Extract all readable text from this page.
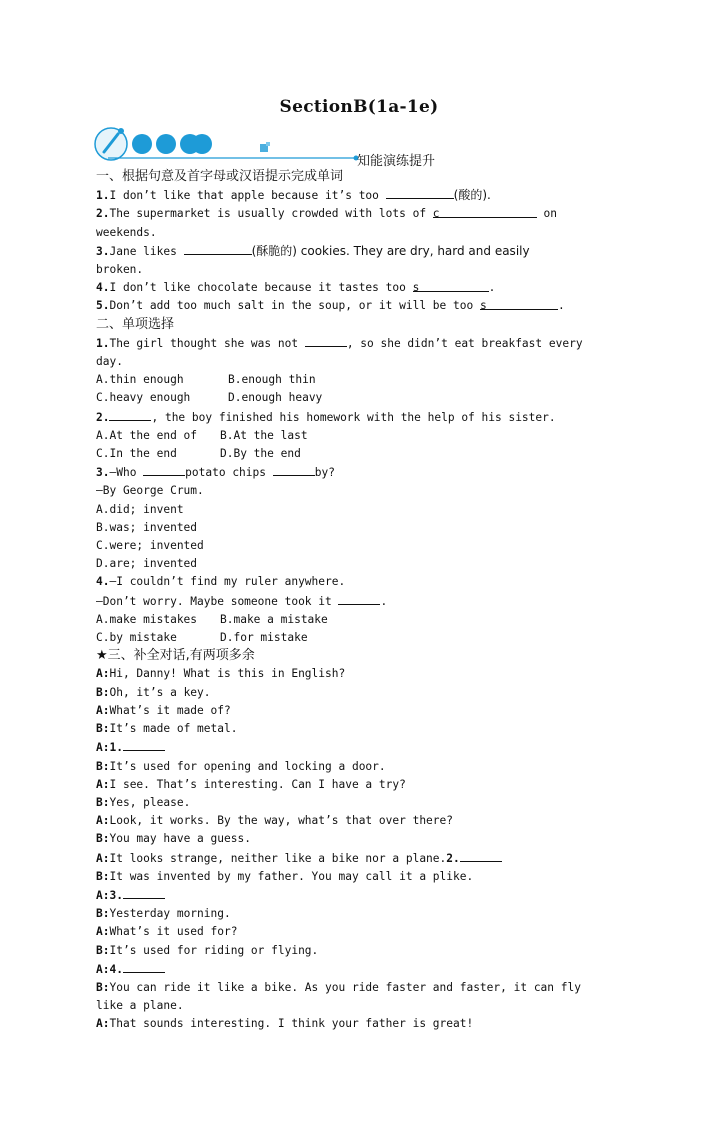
SectionB(1a-1e)
知能演练提升
一、根据句意及首字母或汉语提示完成单词
1.I don’t like that apple because it’s too	(酸的).
2.The supermarket is usually crowded with lots of c	on
weekends.
3.Jane likes	(酥脆的) cookies. They are dry, hard and easily
broken.
4.I don’t like chocolate because it tastes too s	.
5.Don’t add too much salt in the soup, or it will be too s	.
二、单项选择
1.The girl thought she was not	, so she didn’t eat breakfast every
day.
A.thin enough	B.enough thin
C.heavy enough	D.enough heavy
2.	, the boy finished his homework with the help of his sister.
A.At the end of B.At the last
C.In the end	D.By the end
3.—Who	potato chips	by?
—By George Crum.
A.did; invent
B.was; invented
C.were; invented
D.are; invented
4.—I couldn’t find my ruler anywhere.
—Don’t worry. Maybe someone took it	.
A.make mistakes B.make a mistake
C.by mistake	D.for mistake
★三、补全对话,有两项多余
A:Hi, Danny! What is this in English?
B:Oh, it’s a key.
A:What’s it made of?
B:It’s made of metal.
A:1.
B:It’s used for opening and locking a door.
A:I see. That’s interesting. Can I have a try?
B:Yes, please.
A:Look, it works. By the way, what’s that over there?
B:You may have a guess.
A:It looks strange, neither like a bike nor a plane.2.
B:It was invented by my father. You may call it a plike.
A:3.
B:Yesterday morning.
A:What’s it used for?
B:It’s used for riding or flying.
A:4.
B:You can ride it like a bike. As you ride faster and faster, it can fly
like a plane.
A:That sounds interesting. I think your father is great!
